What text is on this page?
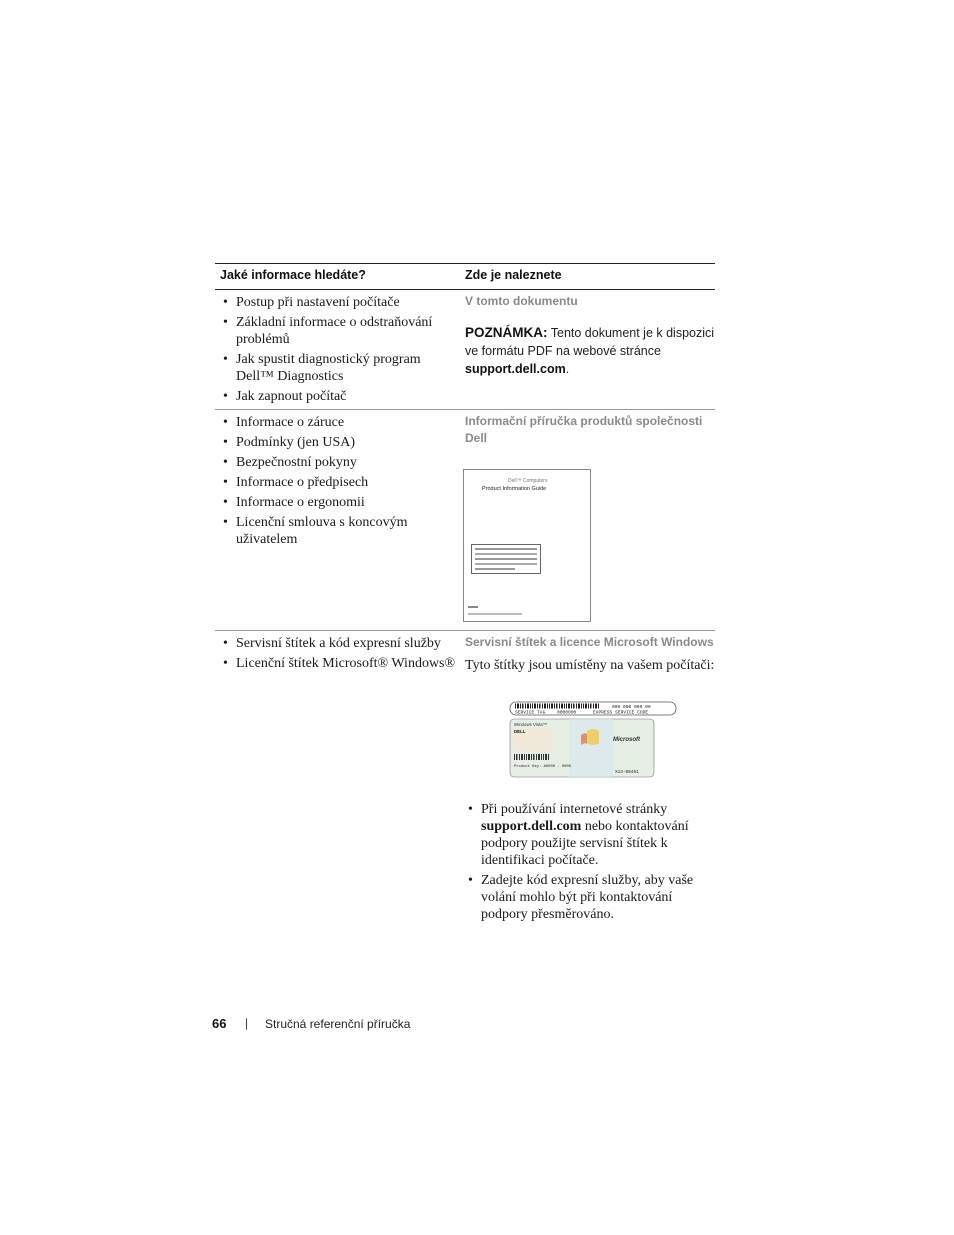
Jaké informace hledáte?	Zde je naleznete
• Postup při nastavení počítače
• Základní informace o odstraňování problémů
• Jak spustit diagnostický program Dell™ Diagnostics
• Jak zapnout počítač
V tomto dokumentu
POZNÁMKA: Tento dokument je k dispozici ve formátu PDF na webové stránce support.dell.com.
• Informace o záruce
• Podmínky (jen USA)
• Bezpečnostní pokyny
• Informace o předpisech
• Informace o ergonomii
• Licenční smlouva s koncovým uživatelem
Informační příručka produktů společnosti Dell
Dell™ Computers
Product Information Guide
• Servisní štítek a kód expresní služby
• Licenční štítek Microsoft® Windows®
Servisní štítek a licence Microsoft Windows
Tyto štítky jsou umístěny na vašem počítači:
SERVICE TAG	0000000	EXPRESS SERVICE CODE
000 000 000 00
Windows Vista™
DELL
Microsoft
Product Key: A0000 - 0000
X13-00451
• Při používání internetové stránky support.dell.com nebo kontaktování podpory použijte servisní štítek k identifikaci počítače.
• Zadejte kód expresní služby, aby vaše volání mohlo být při kontaktování podpory přesměrováno.
66 | Stručná referenční příručka
